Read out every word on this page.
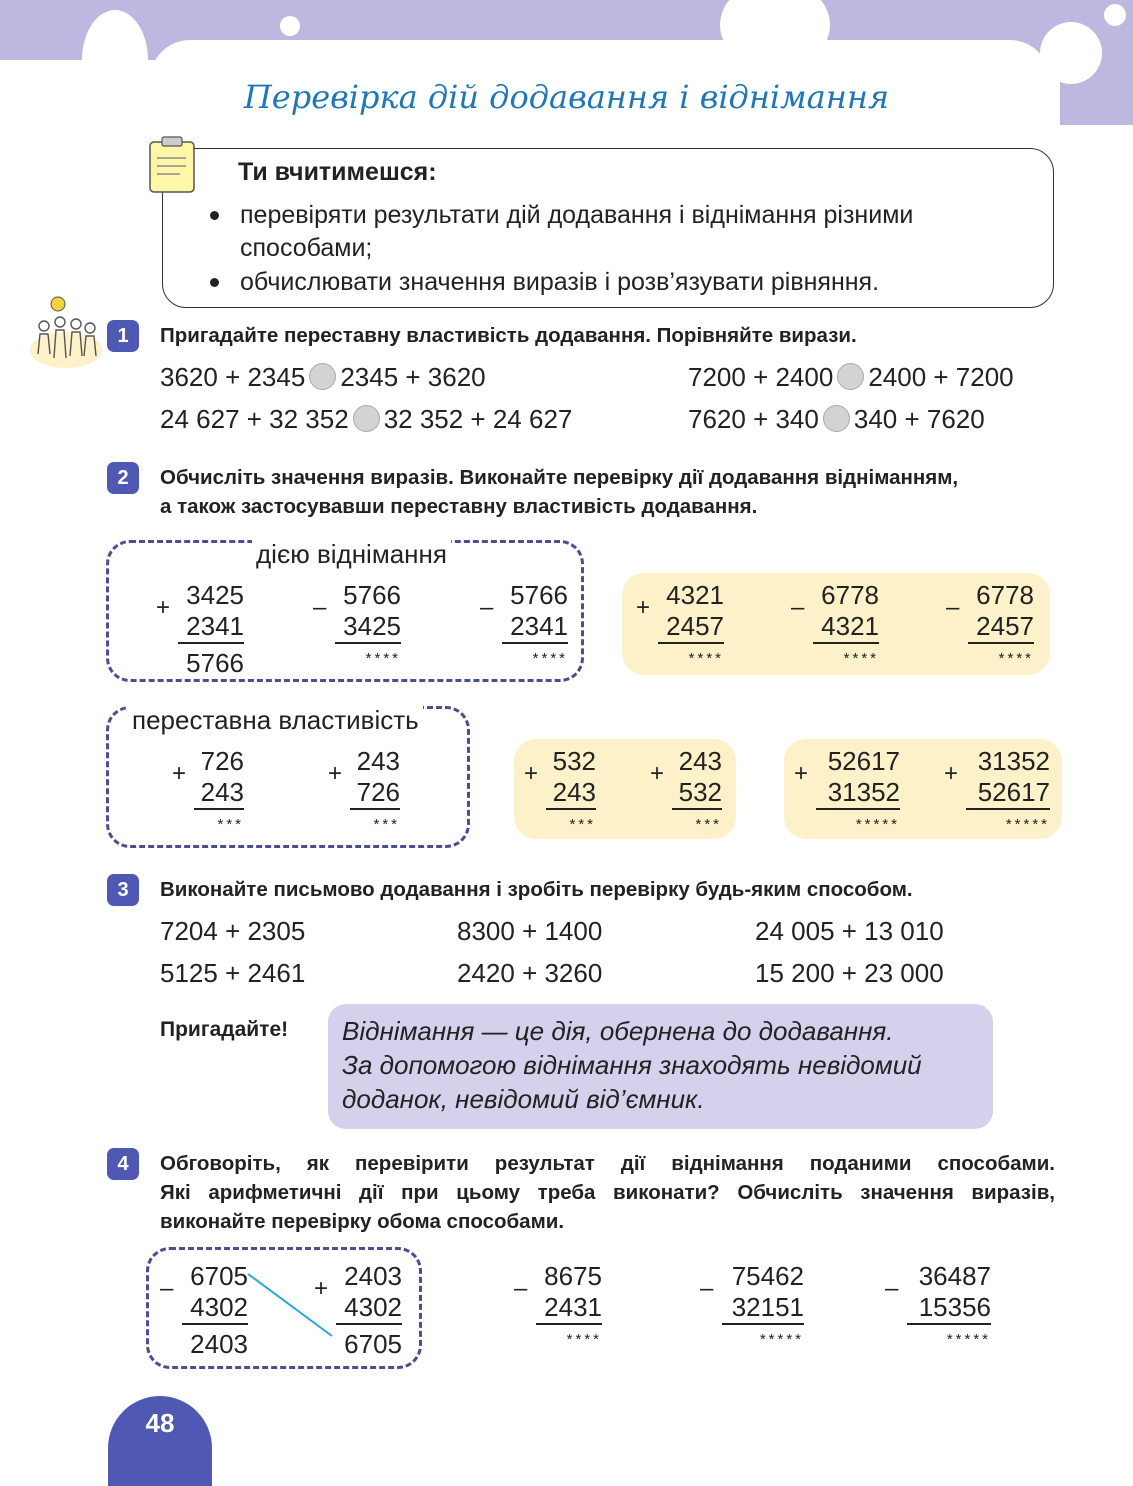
Перевірка дій додавання і віднімання
Ти вчитимешся:
перевіряти результати дій додавання і віднімання різними способами;
обчислювати значення виразів і розв’язувати рівняння.
1	Пригадайте переставну властивість додавання. Порівняйте вирази.
3620 + 2345 2345 + 3620	7200 + 2400 2400 + 7200
24 627 + 32 352 32 352 + 24 627	7620 + 340 340 + 7620
2	Обчисліть значення виразів. Виконайте перевірку дії додавання відніманням,
а також застосувавши переставну властивість додавання.
дією віднімання
+ 3425
2341
5766
– 5766
3425
****
– 5766
2341
****
+ 4321
2457
****
– 6778
4321
****
– 6778
2457
****
переставна властивість
+ 726
243
***
+ 243
726
***
+ 532
243
***
+ 243
532
***
+ 52617
31352
*****
+ 31352
52617
*****
3	Виконайте письмово додавання і зробіть перевірку будь-яким способом.
7204 + 2305	8300 + 1400	24 005 + 13 010
5125 + 2461	2420 + 3260	15 200 + 23 000
Пригадайте! Віднімання — це дія, обернена до додавання.
За допомогою віднімання знаходять невідомий
доданок, невідомий від’ємник.
4	Обговоріть, як перевірити результат дії віднімання поданими способами.
Які арифметичні дії при цьому треба виконати? Обчисліть значення виразів,
виконайте перевірку обома способами.
– 6705
4302
2403
+ 2403
4302
6705
– 8675
2431
****
– 75462
32151
*****
– 36487
15356
*****
48
